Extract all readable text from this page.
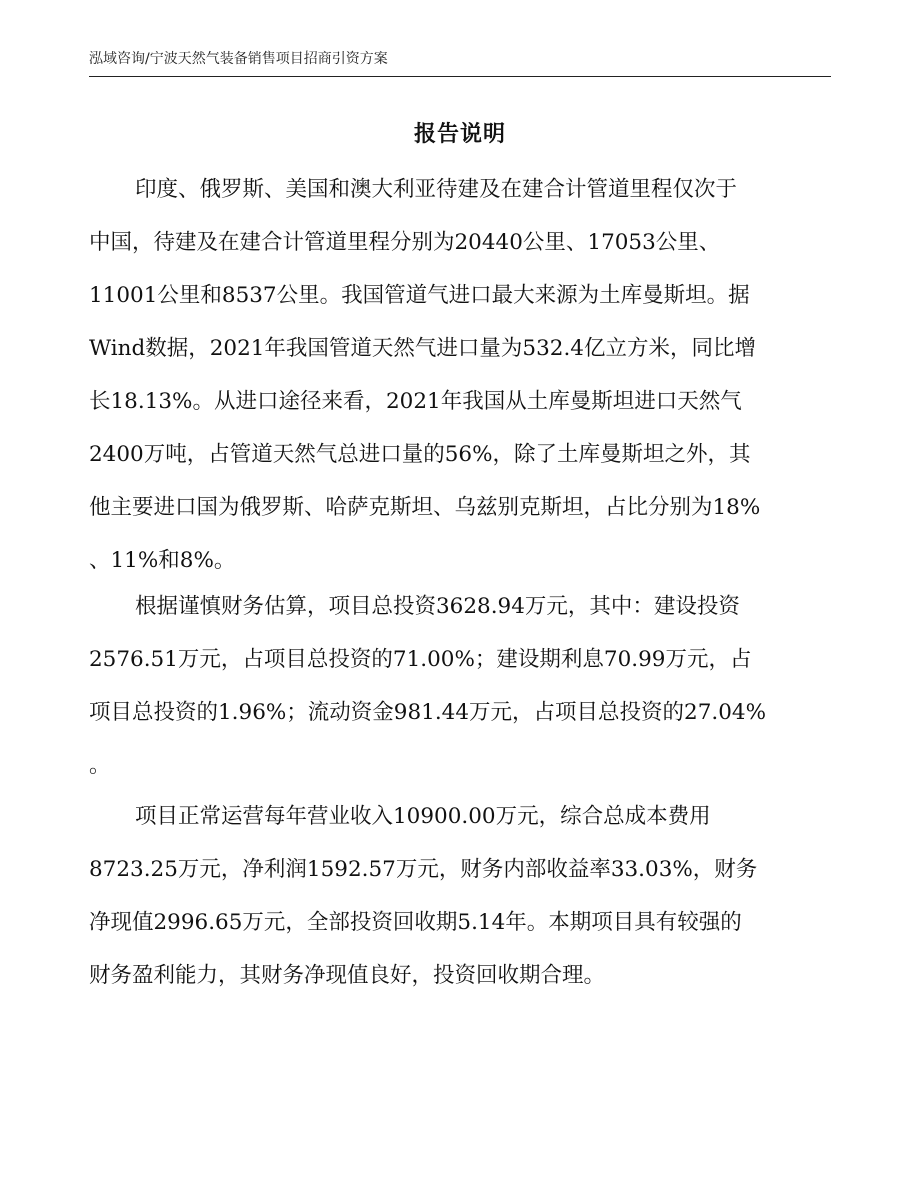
泓域咨询/宁波天然气装备销售项目招商引资方案
报告说明
印度、俄罗斯、美国和澳大利亚待建及在建合计管道里程仅次于
中国，待建及在建合计管道里程分别为20440公里、17053公里、
11001公里和8537公里。我国管道气进口最大来源为土库曼斯坦。据
Wind数据，2021年我国管道天然气进口量为532.4亿立方米，同比增
长18.13%。从进口途径来看，2021年我国从土库曼斯坦进口天然气
2400万吨，占管道天然气总进口量的56%，除了土库曼斯坦之外，其
他主要进口国为俄罗斯、哈萨克斯坦、乌兹别克斯坦，占比分别为18%
、11%和8%。
根据谨慎财务估算，项目总投资3628.94万元，其中：建设投资
2576.51万元，占项目总投资的71.00%；建设期利息70.99万元，占
项目总投资的1.96%；流动资金981.44万元，占项目总投资的27.04%
。
项目正常运营每年营业收入10900.00万元，综合总成本费用
8723.25万元，净利润1592.57万元，财务内部收益率33.03%，财务
净现值2996.65万元，全部投资回收期5.14年。本期项目具有较强的
财务盈利能力，其财务净现值良好，投资回收期合理。
